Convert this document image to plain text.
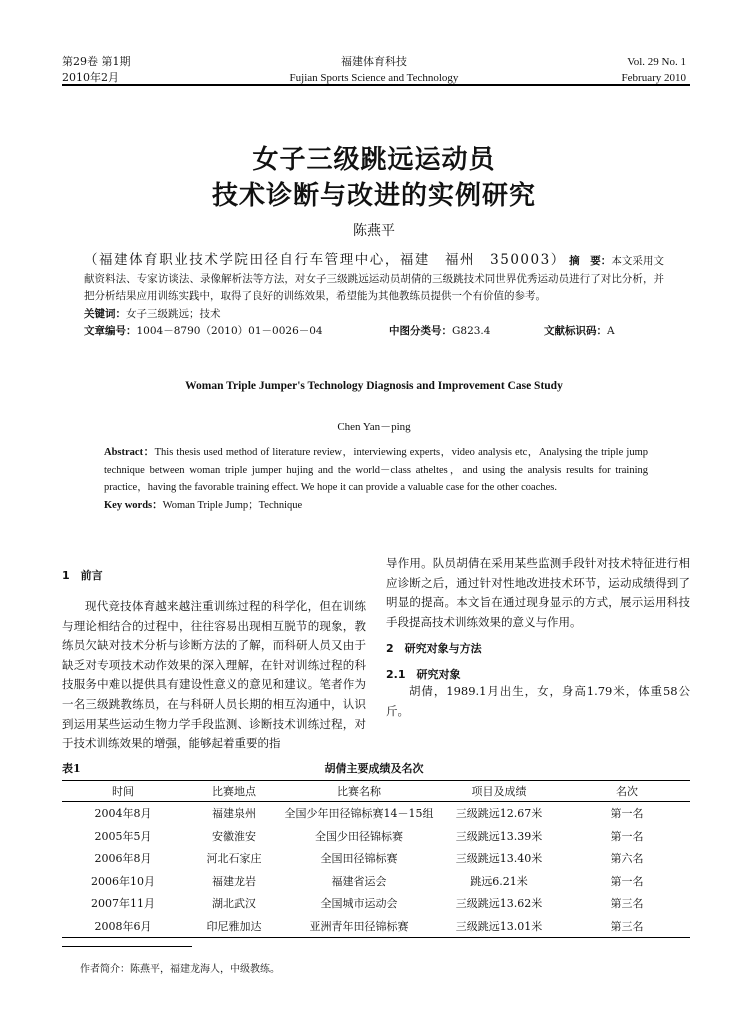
第29卷 第1期
2010年2月
福建体育科技
Fujian Sports Science and Technology
Vol. 29 No. 1
February 2010
女子三级跳远运动员
技术诊断与改进的实例研究
陈燕平
（福建体育职业技术学院田径自行车管理中心，福建　福州　350003） 摘　要：本文采用文献资料法、专家访谈法、录像解析法等方法，对女子三级跳远运动员胡倩的三级跳技术同世界优秀运动员进行了对比分析，并把分析结果应用训练实践中，取得了良好的训练效果，希望能为其他教练员提供一个有价值的参考。
关键词：女子三级跳远；技术
文章编号：1004－8790（2010）01－0026－04	中图分类号：G823.4	文献标识码：A
Woman Triple Jumper's Technology Diagnosis and Improvement Case Study
Chen Yan－ping
Abstract：This thesis used method of literature review，interviewing experts，video analysis etc，Analysing the triple jump technique between woman triple jumper hujing and the world－class atheltes，and using the analysis results for training practice，having the favorable training effect. We hope it can provide a valuable case for the other coaches.
Key words：Woman Triple Jump；Technique
1　前言
现代竞技体育越来越注重训练过程的科学化，但在训练与理论相结合的过程中，往往容易出现相互脱节的现象，教练员欠缺对技术分析与诊断方法的了解，而科研人员又由于缺乏对专项技术动作效果的深入理解，在针对训练过程的科技服务中难以提供具有建设性意义的意见和建议。笔者作为一名三级跳教练员，在与科研人员长期的相互沟通中，认识到运用某些运动生物力学手段监测、诊断技术训练过程，对于技术训练效果的增强，能够起着重要的指
导作用。队员胡倩在采用某些监测手段针对技术特征进行相应诊断之后，通过针对性地改进技术环节，运动成绩得到了明显的提高。本文旨在通过现身显示的方式，展示运用科技手段提高技术训练效果的意义与作用。
2　研究对象与方法
2.1　研究对象
胡倩，1989.1月出生，女，身高1.79米，体重58公斤。
表1	胡倩主要成绩及名次
时间	比赛地点	比赛名称	项目及成绩	名次
2004年8月	福建泉州	全国少年田径锦标赛14－15组	三级跳远12.67米	第一名
2005年5月	安徽淮安	全国少田径锦标赛	三级跳远13.39米	第一名
2006年8月	河北石家庄	全国田径锦标赛	三级跳远13.40米	第六名
2006年10月	福建龙岩	福建省运会	跳远6.21米	第一名
2007年11月	湖北武汉	全国城市运动会	三级跳远13.62米	第三名
2008年6月	印尼雅加达	亚洲青年田径锦标赛	三级跳远13.01米	第三名
作者简介：陈燕平，福建龙海人，中级教练。
